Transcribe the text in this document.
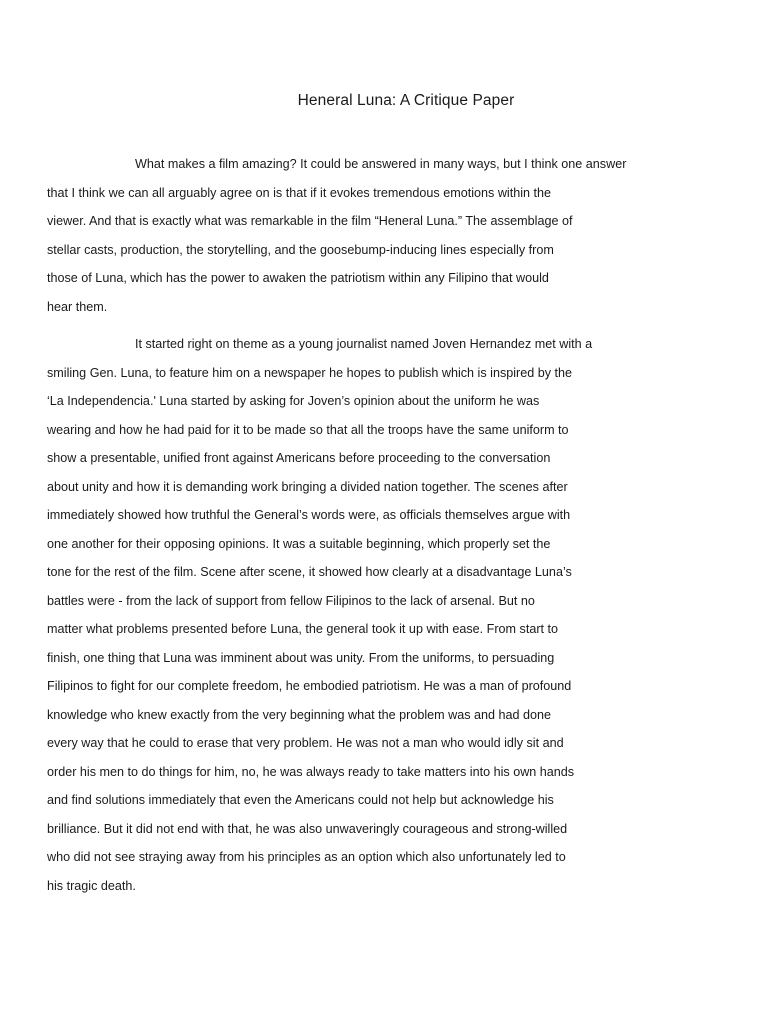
Heneral Luna: A Critique Paper

What makes a film amazing? It could be answered in many ways, but I think one answer
that I think we can all arguably agree on is that if it evokes tremendous emotions within the
viewer. And that is exactly what was remarkable in the film “Heneral Luna.” The assemblage of
stellar casts, production, the storytelling, and the goosebump-inducing lines especially from
those of Luna, which has the power to awaken the patriotism within any Filipino that would
hear them.

It started right on theme as a young journalist named Joven Hernandez met with a
smiling Gen. Luna, to feature him on a newspaper he hopes to publish which is inspired by the
‘La Independencia.' Luna started by asking for Joven’s opinion about the uniform he was
wearing and how he had paid for it to be made so that all the troops have the same uniform to
show a presentable, unified front against Americans before proceeding to the conversation
about unity and how it is demanding work bringing a divided nation together. The scenes after
immediately showed how truthful the General’s words were, as officials themselves argue with
one another for their opposing opinions. It was a suitable beginning, which properly set the
tone for the rest of the film. Scene after scene, it showed how clearly at a disadvantage Luna’s
battles were - from the lack of support from fellow Filipinos to the lack of arsenal. But no
matter what problems presented before Luna, the general took it up with ease. From start to
finish, one thing that Luna was imminent about was unity. From the uniforms, to persuading
Filipinos to fight for our complete freedom, he embodied patriotism. He was a man of profound
knowledge who knew exactly from the very beginning what the problem was and had done
every way that he could to erase that very problem. He was not a man who would idly sit and
order his men to do things for him, no, he was always ready to take matters into his own hands
and find solutions immediately that even the Americans could not help but acknowledge his
brilliance. But it did not end with that, he was also unwaveringly courageous and strong-willed
who did not see straying away from his principles as an option which also unfortunately led to
his tragic death.
